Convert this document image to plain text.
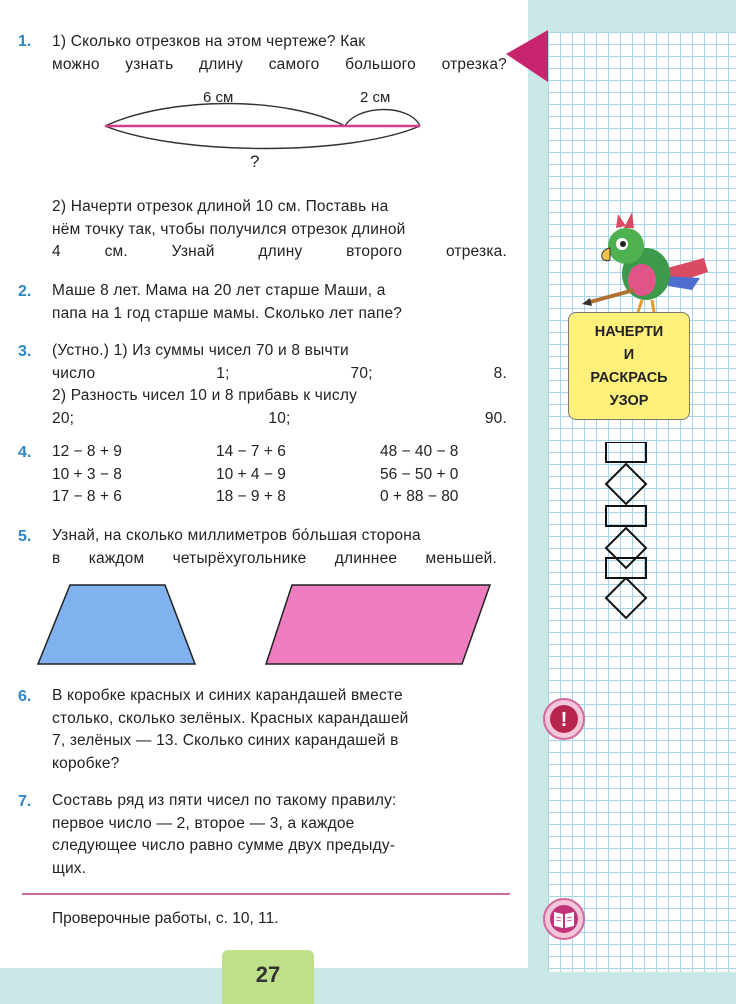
1. 1) Сколько отрезков на этом чертеже? Как
можно узнать длину самого большого отрезка?
6 см	2 см
?
2) Начерти отрезок длиной 10 см. Поставь на
нём точку так, чтобы получился отрезок длиной
4 см. Узнай длину второго отрезка.
2. Маше 8 лет. Мама на 20 лет старше Маши, а
папа на 1 год старше мамы. Сколько лет папе?
3. (Устно.) 1) Из суммы чисел 70 и 8 вычти
число 1; 70; 8.
2) Разность чисел 10 и 8 прибавь к числу
20; 10; 90.
4. 12 − 8 + 9
10 + 3 − 8
17 − 8 + 6
14 − 7 + 6
10 + 4 − 9
18 − 9 + 8
48 − 40 − 8
56 − 50 + 0
0 + 88 − 80
5. Узнай, на сколько миллиметров бо́льшая сторона
в каждом четырёхугольнике длиннее меньшей.
6. В коробке красных и синих карандашей вместе
столько, сколько зелёных. Красных карандашей
7, зелёных — 13. Сколько синих карандашей в
коробке?
7. Составь ряд из пяти чисел по такому правилу:
первое число — 2, второе — 3, а каждое
следующее число равно сумме двух предыду-
щих.
Проверочные работы, с. 10, 11.
27
НАЧЕРТИ
И
РАСКРАСЬ
УЗОР
!
